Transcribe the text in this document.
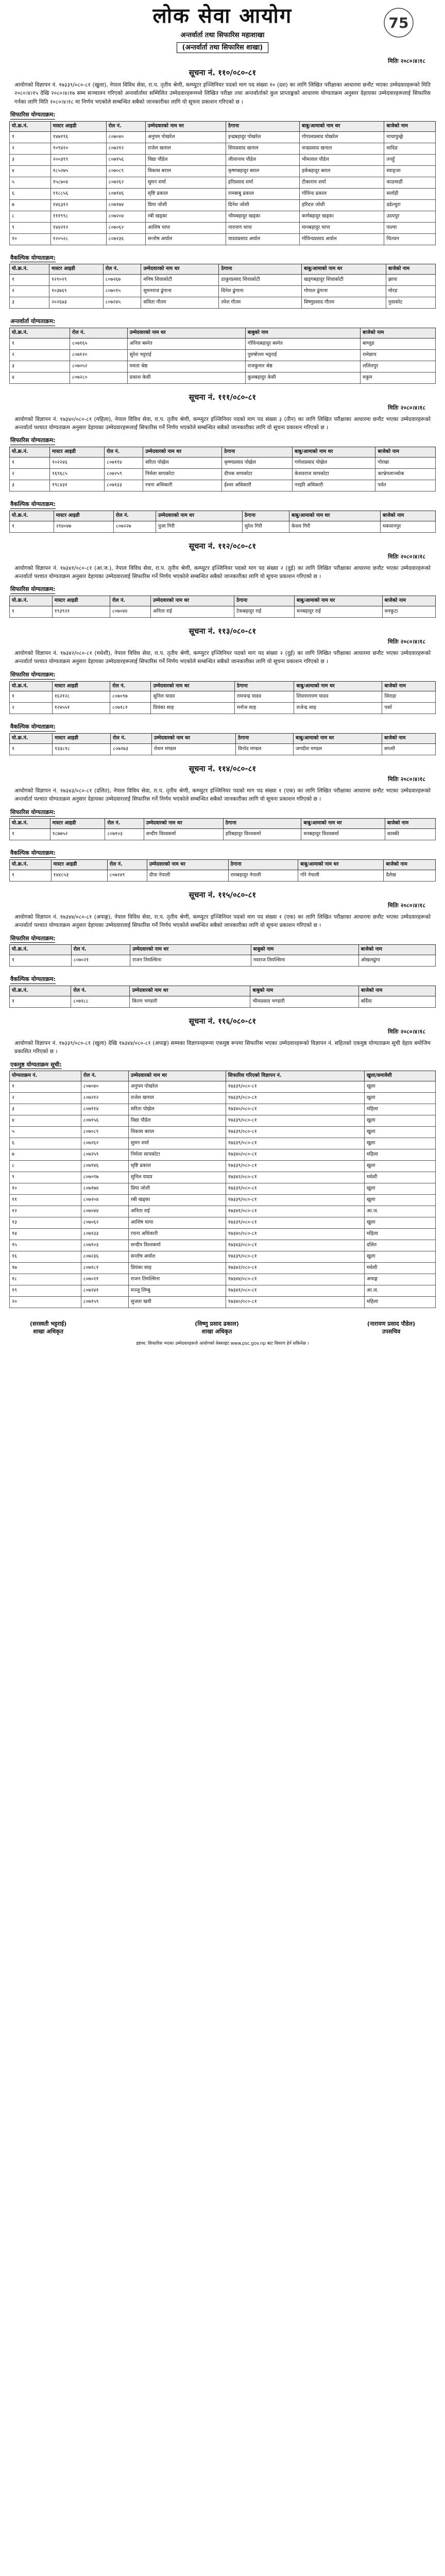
लोक सेवा आयोग
अन्तर्वार्ता तथा सिफारिस महाशाखा
(अन्तर्वार्ता तथा सिफारिस शाखा)
75
मितिः २०८०।४।१८
सूचना नं. ११०/०८०-८१
आयोगको विज्ञापन नं. १७३३९/०८०-८१ (खुला), नेपाल विविध सेवा, रा.प. तृतीय श्रेणी, कम्प्युटर इञ्जिनियर पदको माग पद संख्या १० (दश) का लागि लिखित परीक्षाका आधारमा छनौट भएका उम्मेदवारहरूको मिति २०८०।४।१५ देखि २०८०।४।१७ सम्म सञ्चालन गरिएको अन्तर्वार्तामा सम्मिलित उम्मेदवारहरूमध्ये लिखित परीक्षा तथा अन्तर्वार्ताको कुल प्राप्ताङ्कको आधारमा योग्यताक्रम अनुसार देहायका उम्मेदवारहरूलाई सिफारिस गर्नका लागि मिति २०८०।४।१८ मा निर्णय भएकोले सम्बन्धित सबैको जानकारीका लागि यो सूचना प्रकाशन गरिएको छ ।
सिफारिस योग्यताक्रम:
यो.क्र.नं.	मास्टर आइडी	रोल नं.	उम्मेदवारको नाम थर	ठेगाना	बाबु/आमाको नाम थर	बाजेको नाम
१	१४७१९६	८०७०४०	अनुपम पोखरेल	इन्द्रबहादुर पोखरेल	गोपालप्रसाद पोखरेल	माचापुच्छ्रे
२	१०९४२०	८०७२१२	राजेश खनाल	शिवप्रसाद खनाल	चन्द्रप्रसाद खनाल	धादिङ
३	२००३९९	८०७१५६	विद्या पौडेल	लीलानाथ पौडेल	भीमलाल पौडेल	तनहुँ
४	१८५२७५	८०७०८९	विकास बराल	कृष्णबहादुर बराल	हर्कबहादुर बराल	स्याङ्जा
५	१५८७०४	८०७२६२	सुमन शर्मा	हरिप्रसाद शर्मा	टीकाराम शर्मा	काठमाडौं
६	११८८५६	८०७१४६	सृष्टि ढकाल	रामबाबु ढकाल	गोविन्द ढकाल	सर्लाही
७	१४६३१२	८०७१७४	प्रिया जोशी	दिनेश जोशी	हरिदत्त जोशी	डडेल्धुरा
८	१११९९८	८०७२०४	रबी खड्का	भीमबहादुर खड्का	कर्णबहादुर खड्का	उदयपुर
९	१४४२१२	८०७०६२	आशिष थापा	नारायण थापा	मानबहादुर थापा	पाल्पा
१०	१२०५२८	८०७२३६	सन्तोष अर्याल	यादवप्रसाद अर्याल	गोविन्दप्रसाद अर्याल	चितवन
वैकल्पिक योग्यताक्रम:
यो.क्र.नं.	मास्टर आइडी	रोल नं.	उम्मेदवारको नाम थर	ठेगाना	बाबु/आमाको नाम थर	बाजेको नाम
१	१२१०२९	८०७२६७	मनिष शिवाकोटी	ठाकुरप्रसाद शिवाकोटी	खड्गबहादुर शिवाकोटी	झापा
२	१०३७६९	८०७०१५	सुमनराज ढुंगाना	दिनेश ढुंगाना	गोपाल ढुंगाना	मोरङ
३	२०२६७३	८०७२४५	सविता गौतम	रमेश गौतम	विष्णुप्रसाद गौतम	नुवाकोट
अन्तर्वार्ता योग्यताक्रम:
यो.क्र.नं.	रोल नं.	उम्मेदवारको नाम थर	बाबुको नाम	बाजेको नाम
१	८०७१६५	अनिल बस्नेत	गोविन्दबहादुर बस्नेत	बाग्लुङ
२	८०७१२०	सुरेश भट्टराई	पुरुषोत्तम भट्टराई	रामेछाप
३	८०७०५२	ममता श्रेष्ठ	राजकुमार श्रेष्ठ	ललितपुर
४	८०७२८०	प्रकाश केसी	कुलबहादुर केसी	रुकुम
सूचना नं. १११/०८०-८१
मितिः २०८०।४।१८
आयोगको विज्ञापन नं. १७३४०/०८०-८१ (महिला), नेपाल विविध सेवा, रा.प. तृतीय श्रेणी, कम्प्युटर इञ्जिनियर पदको माग पद संख्या ३ (तीन) का लागि लिखित परीक्षाका आधारमा छनौट भएका उम्मेदवारहरूको अन्तर्वार्ता पश्चात योग्यताक्रम अनुसार देहायका उम्मेदवारहरूलाई सिफारिस गर्ने निर्णय भएकोले सम्बन्धित सबैको जानकारीका लागि यो सूचना प्रकाशन गरिएको छ ।
सिफारिस योग्यताक्रम:
यो.क्र.नं.	मास्टर आइडी	रोल नं.	उम्मेदवारको नाम थर	ठेगाना	बाबु/आमाको नाम थर	बाजेको नाम
१	१०२२४६	८०७११४	सरिता पोख्रेल	कृष्णप्रसाद पोख्रेल	गणेशप्रसाद पोख्रेल	गोरखा
२	१६९६८५	८०७२५९	निर्मला सापकोटा	दीपक सापकोटा	केशवराज सापकोटा	काभ्रेपलाञ्चोक
३	१९८४३१	८०७१३३	रचना अधिकारी	ईश्वर अधिकारी	नरहरि अधिकारी	पर्वत
वैकल्पिक योग्यताक्रम:
यो.क्र.नं.	मास्टर आइडी	रोल नं.	उम्मेदवारको नाम थर	ठेगाना	बाबु/आमाको नाम थर	बाजेको नाम
१	२१४०४७	८०७२२७	पुजा गिरी	सुरेश गिरी	केशव गिरी	मकवानपुर
सूचना नं. ११२/०८०-८१
मितिः २०८०।४।१८
आयोगको विज्ञापन नं. १७३४१/०८०-८१ (आ.ज.), नेपाल विविध सेवा, रा.प. तृतीय श्रेणी, कम्प्युटर इञ्जिनियर पदको माग पद संख्या २ (दुई) का लागि लिखित परीक्षाका आधारमा छनौट भएका उम्मेदवारहरूको अन्तर्वार्ता पश्चात योग्यताक्रम अनुसार देहायका उम्मेदवारलाई सिफारिस गर्ने निर्णय भएकोले सम्बन्धित सबैको जानकारीका लागि यो सूचना प्रकाशन गरिएको छ ।
सिफारिस योग्यताक्रम:
यो.क्र.नं.	मास्टर आइडी	रोल नं.	उम्मेदवारको नाम थर	ठेगाना	बाबु/आमाको नाम थर	बाजेको नाम
१	१९३९२१	८०७०४४	अनिता राई	टेकबहादुर राई	धनबहादुर राई	धनकुटा
सूचना नं. ११३/०८०-८१
मितिः २०८०।४।१८
आयोगको विज्ञापन नं. १७३४२/०८०-८१ (मधेशी), नेपाल विविध सेवा, रा.प. तृतीय श्रेणी, कम्प्युटर इञ्जिनियर पदको माग पद संख्या २ (दुई) का लागि लिखित परीक्षाका आधारमा छनौट भएका उम्मेदवारहरूको अन्तर्वार्ता पश्चात योग्यताक्रम अनुसार देहायका उम्मेदवारहरूलाई सिफारिस गर्ने निर्णय भएकोले सम्बन्धित सबैको जानकारीका लागि यो सूचना प्रकाशन गरिएको छ ।
सिफारिस योग्यताक्रम:
यो.क्र.नं.	मास्टर आइडी	रोल नं.	उम्मेदवारको नाम थर	ठेगाना	बाबु/आमाको नाम थर	बाजेको नाम
१	१६२१२८	८०७०९७	सुनिल यादव	रामचन्द्र यादव	शिवनारायण यादव	सिराहा
२	१२४५५१	८०७१८१	प्रियंका साह	मनोज साह	राजेन्द्र साह	पर्सा
वैकल्पिक योग्यताक्रम:
यो.क्र.नं.	मास्टर आइडी	रोल नं.	उम्मेदवारको नाम थर	ठेगाना	बाबु/आमाको नाम थर	बाजेको नाम
१	१३३८१८	८०७२७३	रोशन मण्डल	विनोद मण्डल	जगदीश मण्डल	सप्तरी
सूचना नं. ११४/०८०-८१
मितिः २०८०।४।१८
आयोगको विज्ञापन नं. १७३४३/०८०-८१ (दलित), नेपाल विविध सेवा, रा.प. तृतीय श्रेणी, कम्प्युटर इञ्जिनियर पदको माग पद संख्या १ (एक) का लागि लिखित परीक्षाका आधारमा छनौट भएका उम्मेदवारहरूको अन्तर्वार्ता पश्चात योग्यताक्रम अनुसार देहायका उम्मेदवारलाई सिफारिस गर्ने निर्णय भएकोले सम्बन्धित सबैको जानकारीका लागि यो सूचना प्रकाशन गरिएको छ ।
सिफारिस योग्यताक्रम:
यो.क्र.नं.	मास्टर आइडी	रोल नं.	उम्मेदवारको नाम थर	ठेगाना	बाबु/आमाको नाम थर	बाजेको नाम
१	१८७७५२	८०७१०३	सन्दीप विश्वकर्मा	हरिबहादुर विश्वकर्मा	धनबहादुर विश्वकर्मा	कास्की
वैकल्पिक योग्यताक्रम:
यो.क्र.नं.	मास्टर आइडी	रोल नं.	उम्मेदवारको नाम थर	ठेगाना	बाबु/आमाको नाम थर	बाजेको नाम
१	१४४८५३	८०७२४९	दीपा नेपाली	रामबहादुर नेपाली	गोरे नेपाली	दैलेख
सूचना नं. ११५/०८०-८१
मितिः २०८०।४।१८
आयोगको विज्ञापन नं. १७३४४/०८०-८१ (अपाङ्ग), नेपाल विविध सेवा, रा.प. तृतीय श्रेणी, कम्प्युटर इञ्जिनियर पदको माग पद संख्या १ (एक) का लागि लिखित परीक्षाका आधारमा छनौट भएका उम्मेदवारहरूको अन्तर्वार्ता पश्चात योग्यताक्रम अनुसार देहायका उम्मेदवारलाई सिफारिस गर्ने निर्णय भएकोले सम्बन्धित सबैको जानकारीका लागि यो सूचना प्रकाशन गरिएको छ ।
सिफारिस योग्यताक्रम:
यो.क्र.नं.	रोल नं.	उम्मेदवारको नाम थर	बाबुको नाम	बाजेको नाम
१	८०७०२१	राजन तिमल्सिना	नवराज तिमल्सिना	ओखलढुंगा
वैकल्पिक योग्यताक्रम:
यो.क्र.नं.	रोल नं.	उम्मेदवारको नाम थर	बाबुको नाम	बाजेको नाम
१	८०७१८८	किरण भण्डारी	भीमप्रसाद भण्डारी	बर्दिया
सूचना नं. ११६/०८०-८१
मितिः २०८०।४।१८
आयोगको विज्ञापन नं. १७३३९/०८०-८१ (खुला) देखि १७३४४/०८०-८१ (अपाङ्ग) सम्मका विज्ञापनहरूमा एकमुष्ठ रूपमा सिफारिस भएका उम्मेदवारहरूको विज्ञापन नं. सहितको एकमुष्ठ योग्यताक्रम सूची देहाय बमोजिम प्रकाशित गरिएको छ ।
एकमुष्ठ योग्यताक्रम सूची:
योग्यताक्रम नं.	रोल नं.	उम्मेदवारको नाम थर	सिफारिस गरिएको विज्ञापन नं.	खुला/समावेशी
१	८०७०४०	अनुपम पोखरेल	१७३३९/०८०-८१	खुला
२	८०७२१२	राजेश खनाल	१७३३९/०८०-८१	खुला
३	८०७११४	सरिता पोख्रेल	१७३४०/०८०-८१	महिला
४	८०७१५६	विद्या पौडेल	१७३३९/०८०-८१	खुला
५	८०७०८९	विकास बराल	१७३३९/०८०-८१	खुला
६	८०७२६२	सुमन शर्मा	१७३३९/०८०-८१	खुला
७	८०७२५९	निर्मला सापकोटा	१७३४०/०८०-८१	महिला
८	८०७१४६	सृष्टि ढकाल	१७३३९/०८०-८१	खुला
९	८०७०९७	सुनिल यादव	१७३४२/०८०-८१	मधेशी
१०	८०७१७४	प्रिया जोशी	१७३३९/०८०-८१	खुला
११	८०७२०४	रबी खड्का	१७३३९/०८०-८१	खुला
१२	८०७०४४	अनिता राई	१७३४१/०८०-८१	आ.ज.
१३	८०७०६२	आशिष थापा	१७३३९/०८०-८१	खुला
१४	८०७१३३	रचना अधिकारी	१७३४०/०८०-८१	महिला
१५	८०७१०३	सन्दीप विश्वकर्मा	१७३४३/०८०-८१	दलित
१६	८०७२३६	सन्तोष अर्याल	१७३३९/०८०-८१	खुला
१७	८०७१८१	प्रियंका साह	१७३४२/०८०-८१	मधेशी
१८	८०७०२१	राजन तिमल्सिना	१७३४४/०८०-८१	अपाङ्ग
१९	८०७२४१	मञ्जु लिम्बु	१७३४१/०८०-८१	आ.ज.
२०	८०७१५९	सुजता खत्री	१७३४०/०८०-८१	महिला
(सरस्वती भट्टराई)
शाखा अधिकृत
(विष्णु प्रसाद ढकाल)
शाखा अधिकृत
(नारायण प्रसाद पौडेल)
उपसचिव
द्रष्टव्य: सिफारिस भएका उम्मेदवारहरूले आयोगको वेबसाइट www.psc.gov.np बाट विवरण हेर्न सकिनेछ ।
